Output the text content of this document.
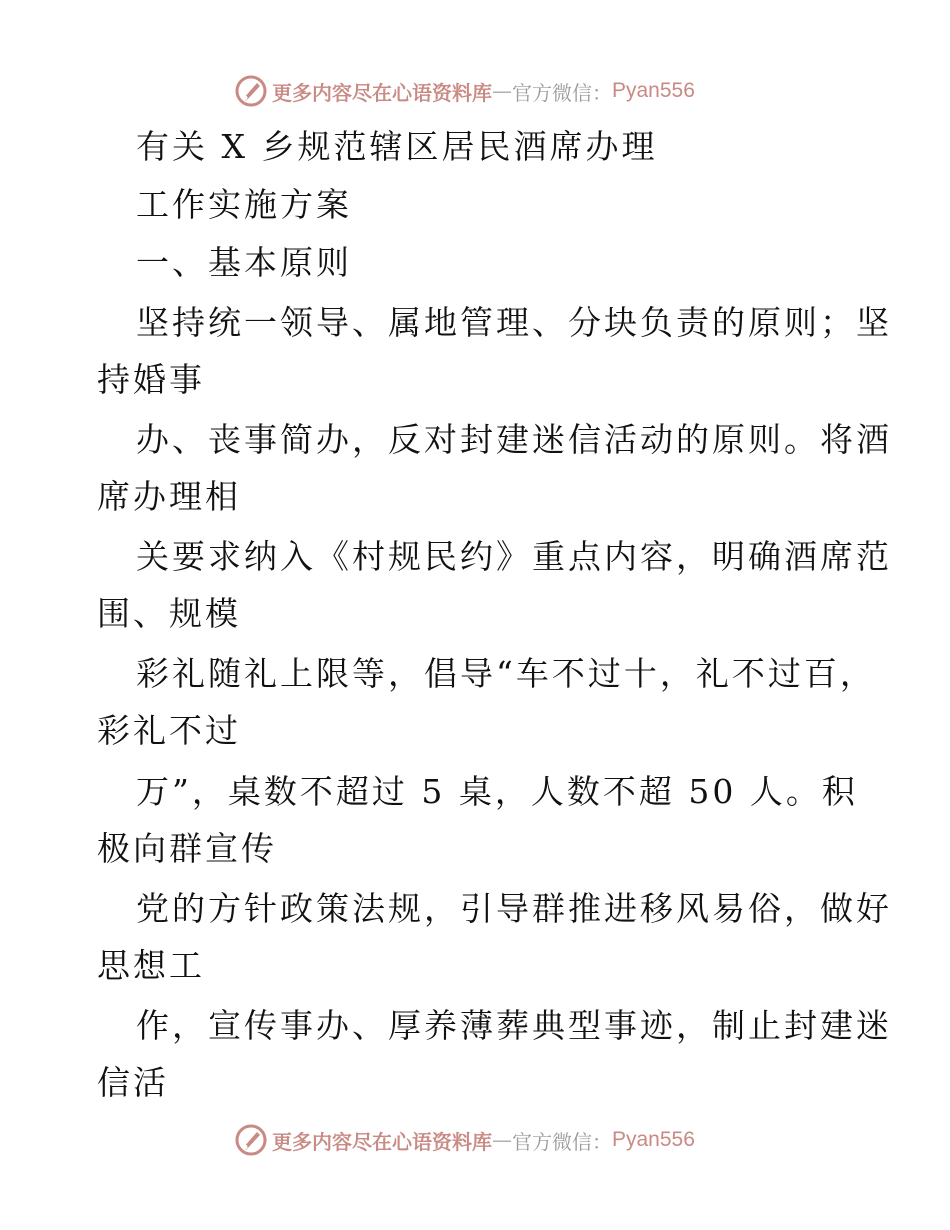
更多内容尽在心语资料库 — 官方微信： Pyan556
有关 X 乡规范辖区居民酒席办理
工作实施方案
一、基本原则
坚持统一领导、属地管理、分块负责的原则；坚
持婚事
办、丧事简办，反对封建迷信活动的原则。将酒
席办理相
关要求纳入《村规民约》重点内容，明确酒席范
围、规模
彩礼随礼上限等，倡导“车不过十，礼不过百，
彩礼不过
万”，桌数不超过 5 桌，人数不超 50 人。积
极向群宣传
党的方针政策法规，引导群推进移风易俗，做好
思想工
作，宣传事办、厚养薄葬典型事迹，制止封建迷
信活
更多内容尽在心语资料库 — 官方微信： Pyan556
